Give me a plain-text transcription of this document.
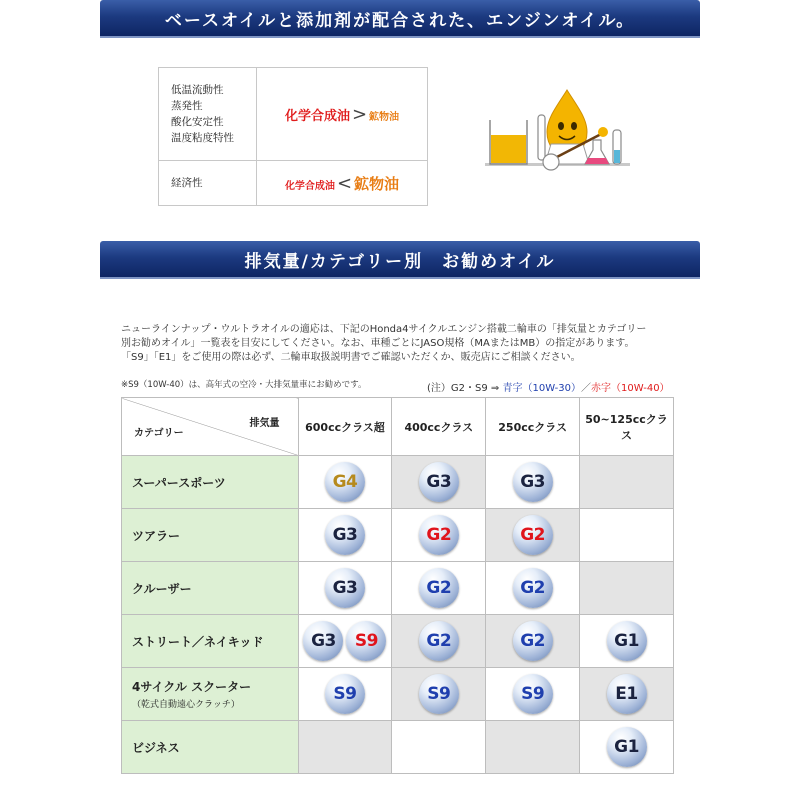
ベースオイルと添加剤が配合された、エンジンオイル。
低温流動性
蒸発性
酸化安定性
温度粘度特性	化学合成油 > 鉱物油
経済性	化学合成油 < 鉱物油
排気量/カテゴリー別　お勧めオイル
ニューラインナップ・ウルトラオイルの適応は、下記のHonda4サイクルエンジン搭載二輪車の「排気量とカテゴリー
別お勧めオイル」一覧表を目安にしてください。なお、車種ごとにJASO規格（MAまたはMB）の指定があります。
「S9」「E1」をご使用の際は必ず、二輪車取扱説明書でご確認いただくか、販売店にご相談ください。
※S9（10W-40）は、高年式の空冷・大排気量車にお勧めです。	(注）G2・S9 ⇒ 青字（10W-30）／赤字（10W-40）
排気量
カテゴリー	600ccクラス超	400ccクラス	250ccクラス	50~125ccクラス
スーパースポーツ	G4	G3	G3	
ツアラー	G3	G2	G2	
クルーザー	G3	G2	G2	
ストリート／ネイキッド	G3 S9	G2	G2	G1
4サイクル スクーター
（乾式自動遠心クラッチ）	S9	S9	S9	E1
ビジネス				G1
